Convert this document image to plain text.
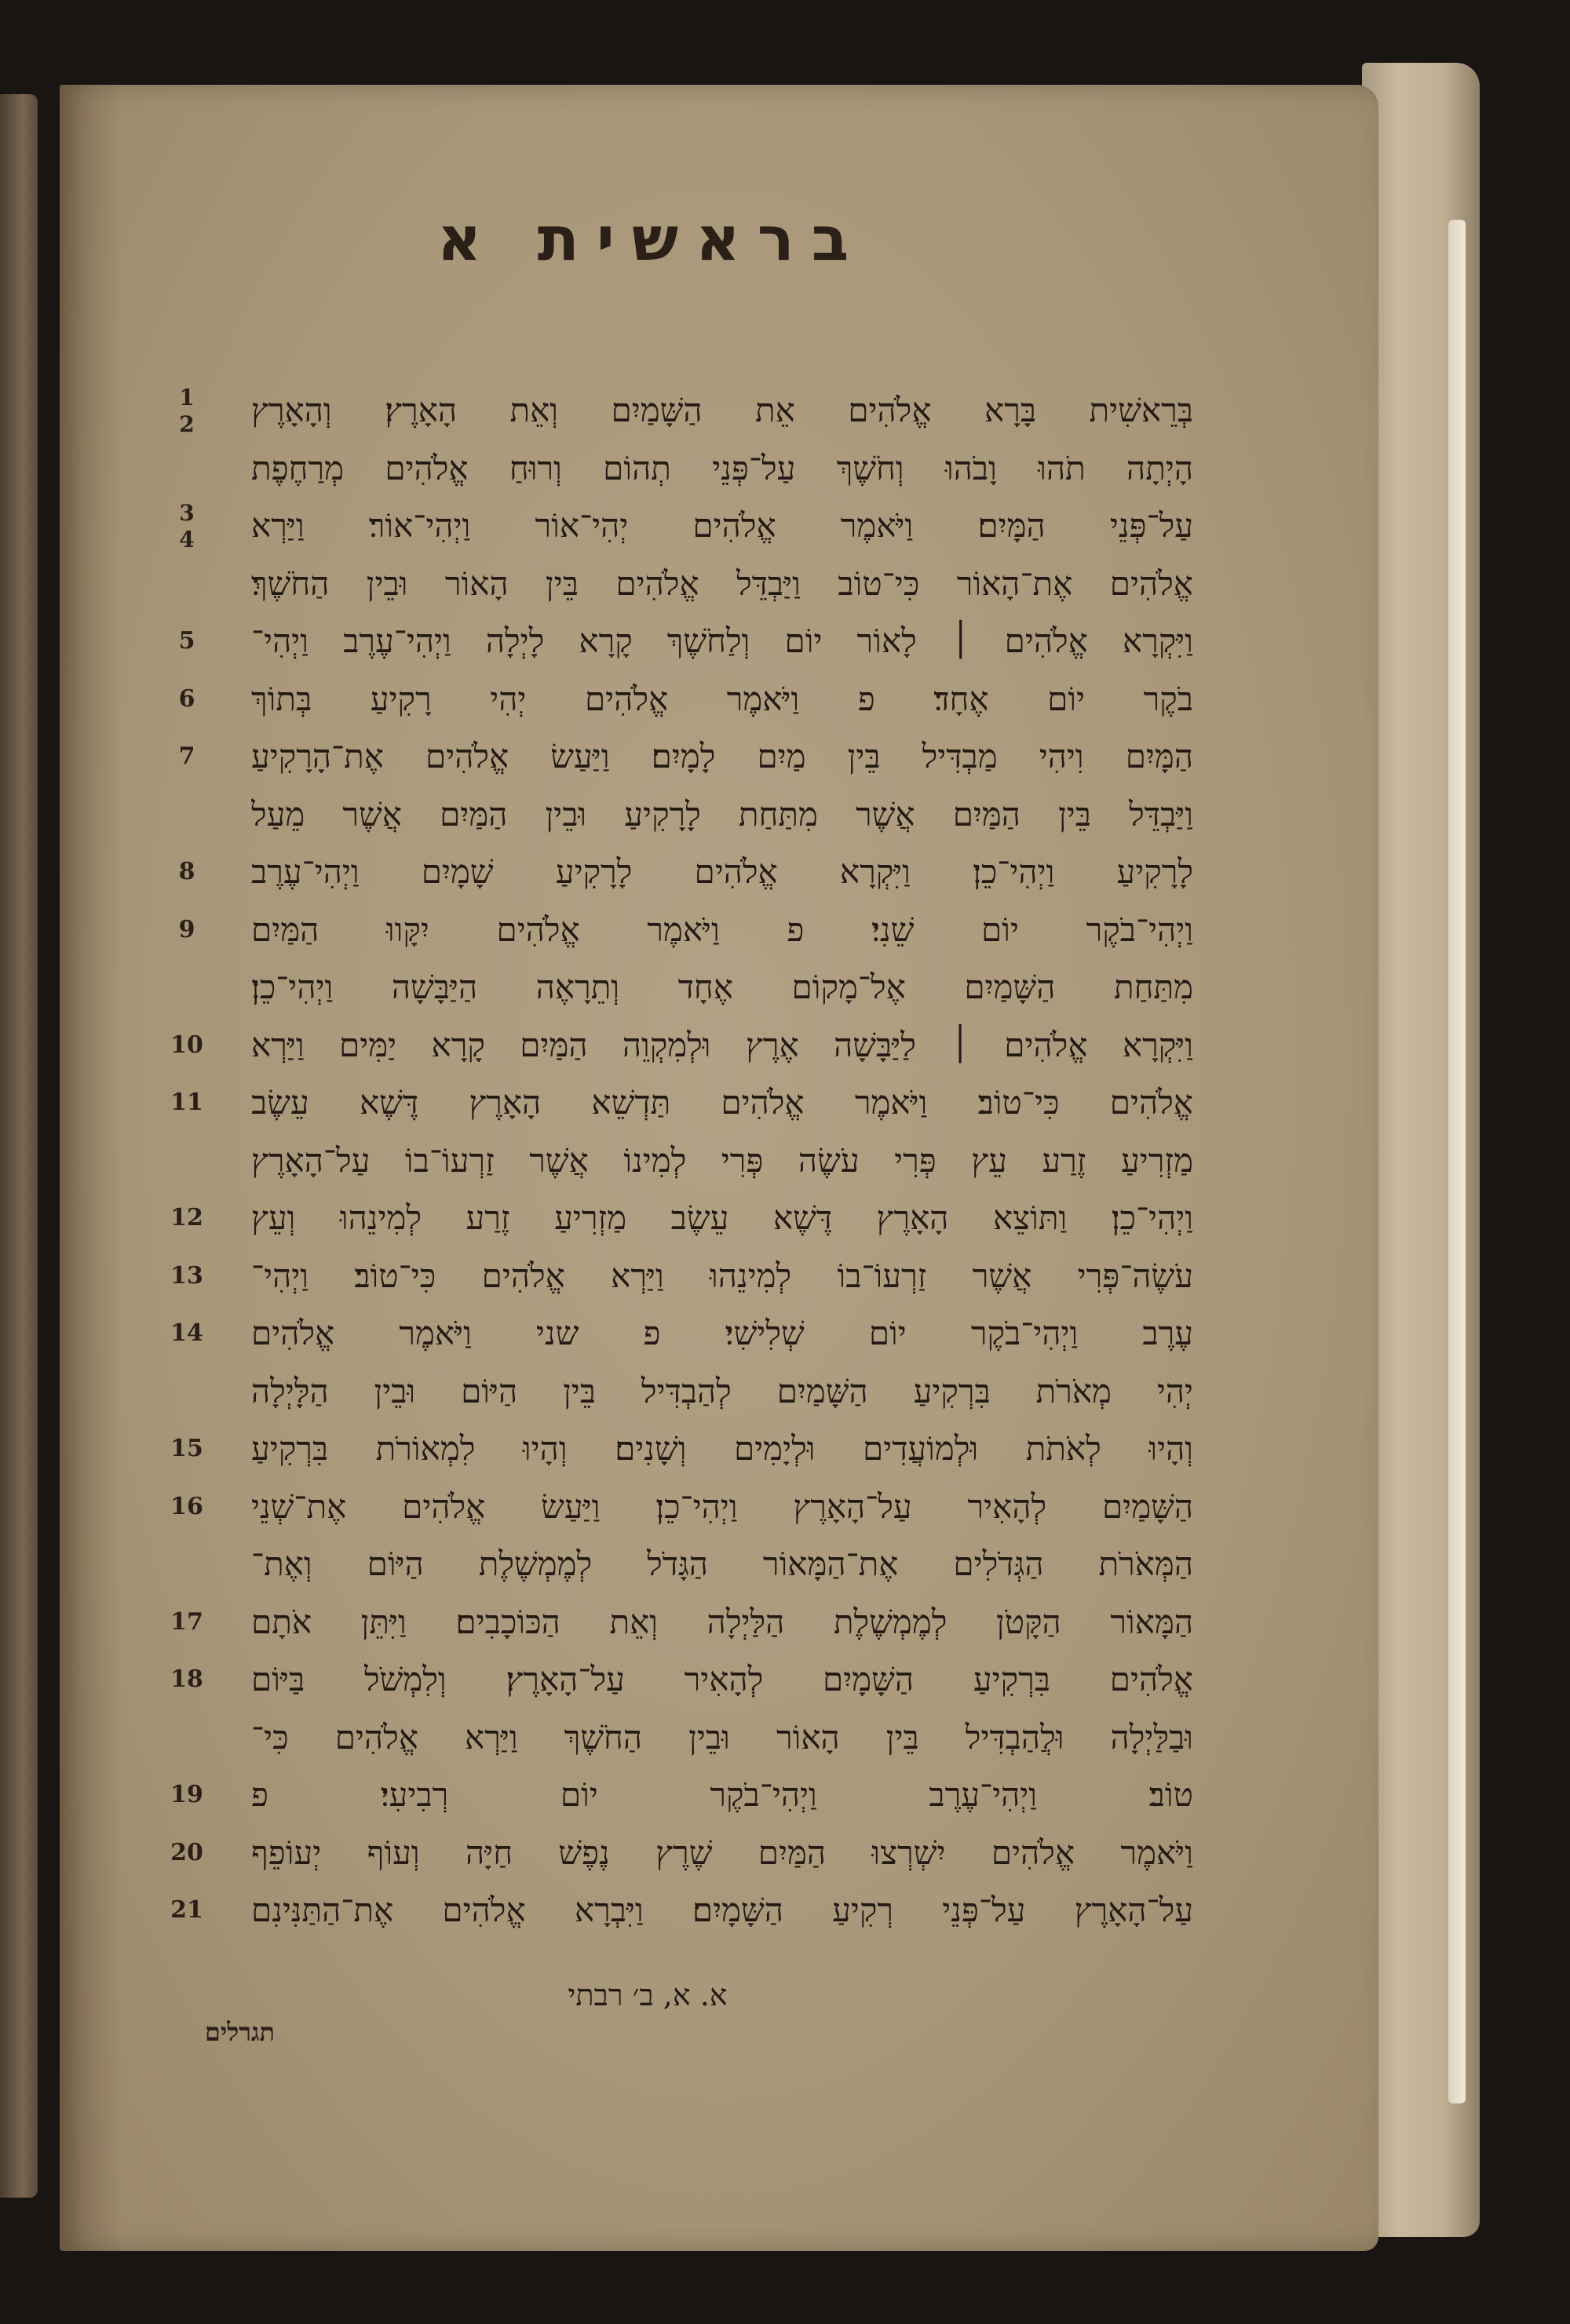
בראשית א
1
2
3
4
5
6
7
8
9
10
11
12
13
14
15
16
17
18
19
20
21
בְּרֵאשִׁית בָּרָא אֱלֹהִים אֵת הַשָּׁמַיִם וְאֵת הָאָרֶץ׃ וְהָאָרֶץ
הָיְתָה תֹהוּ וָבֹהוּ וְחֹשֶׁךְ עַל־פְּנֵי תְהוֹם וְרוּחַ אֱלֹהִים מְרַחֶפֶת
עַל־פְּנֵי הַמָּיִם׃ וַיֹּאמֶר אֱלֹהִים יְהִי־אוֹר וַיְהִי־אוֹר׃ וַיַּרְא
אֱלֹהִים אֶת־הָאוֹר כִּי־טוֹב וַיַּבְדֵּל אֱלֹהִים בֵּין הָאוֹר וּבֵין הַחֹשֶׁךְ׃
וַיִּקְרָא אֱלֹהִים ׀ לָאוֹר יוֹם וְלַחֹשֶׁךְ קָרָא לָיְלָה וַיְהִי־עֶרֶב וַיְהִי־
בֹקֶר יוֹם אֶחָד׃ פ וַיֹּאמֶר אֱלֹהִים יְהִי רָקִיעַ בְּתוֹךְ
הַמָּיִם וִיהִי מַבְדִּיל בֵּין מַיִם לָמָיִם׃ וַיַּעַשׂ אֱלֹהִים אֶת־הָרָקִיעַ
וַיַּבְדֵּל בֵּין הַמַּיִם אֲשֶׁר מִתַּחַת לָרָקִיעַ וּבֵין הַמַּיִם אֲשֶׁר מֵעַל
לָרָקִיעַ וַיְהִי־כֵן׃ וַיִּקְרָא אֱלֹהִים לָרָקִיעַ שָׁמָיִם וַיְהִי־עֶרֶב
וַיְהִי־בֹקֶר יוֹם שֵׁנִי׃ פ וַיֹּאמֶר אֱלֹהִים יִקָּווּ הַמַּיִם
מִתַּחַת הַשָּׁמַיִם אֶל־מָקוֹם אֶחָד וְתֵרָאֶה הַיַּבָּשָׁה וַיְהִי־כֵן׃
וַיִּקְרָא אֱלֹהִים ׀ לַיַּבָּשָׁה אֶרֶץ וּלְמִקְוֵה הַמַּיִם קָרָא יַמִּים וַיַּרְא
אֱלֹהִים כִּי־טוֹב׃ וַיֹּאמֶר אֱלֹהִים תַּדְשֵׁא הָאָרֶץ דֶּשֶׁא עֵשֶׂב
מַזְרִיעַ זֶרַע עֵץ פְּרִי עֹשֶׂה פְּרִי לְמִינוֹ אֲשֶׁר זַרְעוֹ־בוֹ עַל־הָאָרֶץ
וַיְהִי־כֵן׃ וַתּוֹצֵא הָאָרֶץ דֶּשֶׁא עֵשֶׂב מַזְרִיעַ זֶרַע לְמִינֵהוּ וְעֵץ
עֹשֶׂה־פְּרִי אֲשֶׁר זַרְעוֹ־בוֹ לְמִינֵהוּ וַיַּרְא אֱלֹהִים כִּי־טוֹב׃ וַיְהִי־
עֶרֶב וַיְהִי־בֹקֶר יוֹם שְׁלִישִׁי׃ פ שני וַיֹּאמֶר אֱלֹהִים
יְהִי מְאֹרֹת בִּרְקִיעַ הַשָּׁמַיִם לְהַבְדִּיל בֵּין הַיּוֹם וּבֵין הַלָּיְלָה
וְהָיוּ לְאֹתֹת וּלְמוֹעֲדִים וּלְיָמִים וְשָׁנִים׃ וְהָיוּ לִמְאוֹרֹת בִּרְקִיעַ
הַשָּׁמַיִם לְהָאִיר עַל־הָאָרֶץ וַיְהִי־כֵן׃ וַיַּעַשׂ אֱלֹהִים אֶת־שְׁנֵי
הַמְּאֹרֹת הַגְּדֹלִים אֶת־הַמָּאוֹר הַגָּדֹל לְמֶמְשֶׁלֶת הַיּוֹם וְאֶת־
הַמָּאוֹר הַקָּטֹן לְמֶמְשֶׁלֶת הַלַּיְלָה וְאֵת הַכּוֹכָבִים׃ וַיִּתֵּן אֹתָם
אֱלֹהִים בִּרְקִיעַ הַשָּׁמָיִם לְהָאִיר עַל־הָאָרֶץ׃ וְלִמְשֹׁל בַּיּוֹם
וּבַלַּיְלָה וּלֲהַבְדִּיל בֵּין הָאוֹר וּבֵין הַחֹשֶׁךְ וַיַּרְא אֱלֹהִים כִּי־
טוֹב׃ וַיְהִי־עֶרֶב וַיְהִי־בֹקֶר יוֹם רְבִיעִי׃ פ
וַיֹּאמֶר אֱלֹהִים יִשְׁרְצוּ הַמַּיִם שֶׁרֶץ נֶפֶשׁ חַיָּה וְעוֹף יְעוֹפֵף
עַל־הָאָרֶץ עַל־פְּנֵי רְקִיעַ הַשָּׁמָיִם׃ וַיִּבְרָא אֱלֹהִים אֶת־הַתַּנִּינִם
א. א, ב׳ רבתי
תגרלים
